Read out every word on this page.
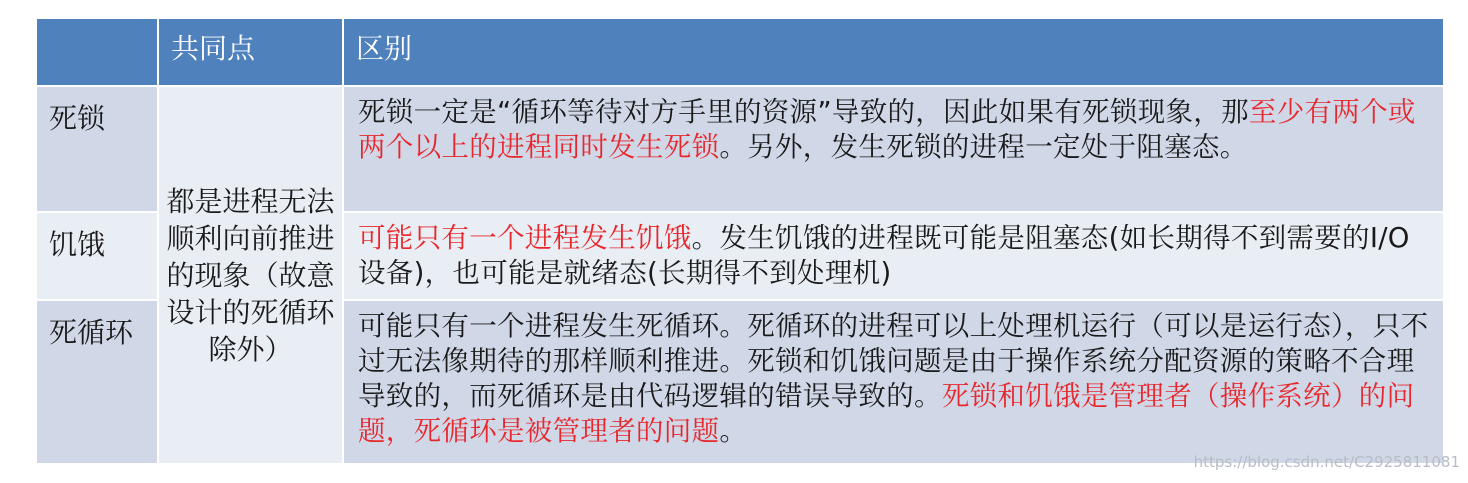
	共同点	区别
死锁	都是进程无法顺利向前推进的现象（故意设计的死循环除外）	死锁一定是“循环等待对方手里的资源”导致的，因此如果有死锁现象，那至少有两个或两个以上的进程同时发生死锁。另外，发生死锁的进程一定处于阻塞态。
饥饿		可能只有一个进程发生饥饿。发生饥饿的进程既可能是阻塞态(如长期得不到需要的I/O设备)，也可能是就绪态(长期得不到处理机)
死循环		可能只有一个进程发生死循环。死循环的进程可以上处理机运行（可以是运行态），只不过无法像期待的那样顺利推进。死锁和饥饿问题是由于操作系统分配资源的策略不合理导致的，而死循环是由代码逻辑的错误导致的。死锁和饥饿是管理者（操作系统）的问题，死循环是被管理者的问题。
https://blog.csdn.net/C2925811081
